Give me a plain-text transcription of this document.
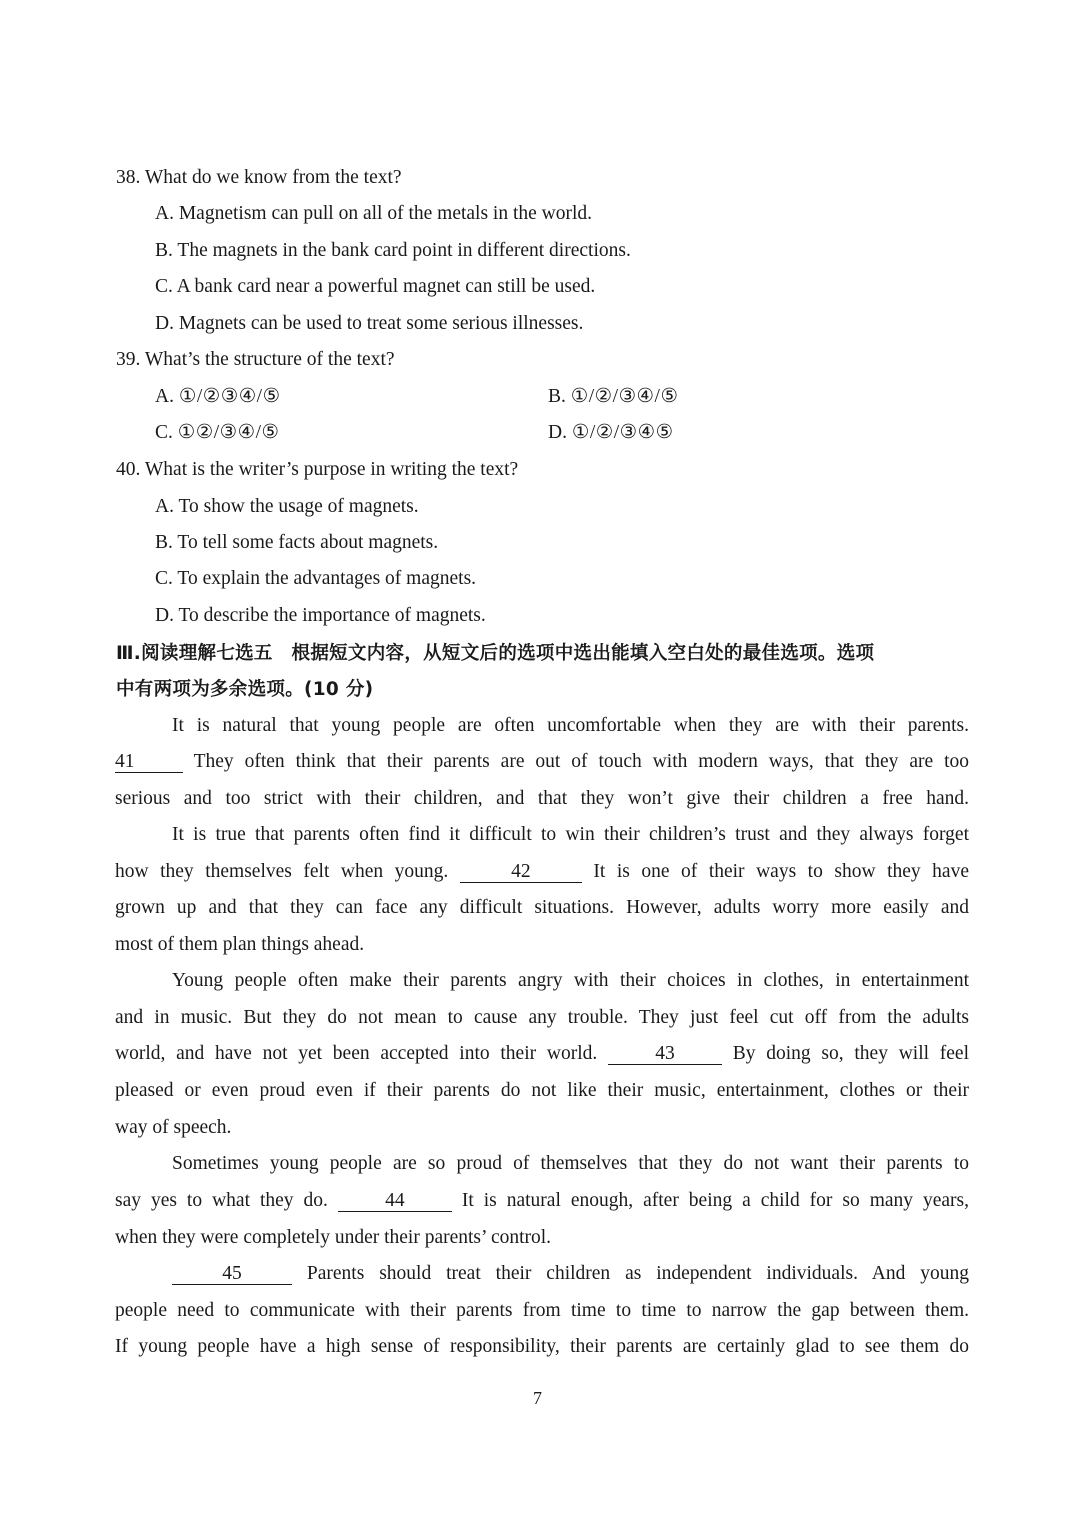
38. What do we know from the text?
A. Magnetism can pull on all of the metals in the world.
B. The magnets in the bank card point in different directions.
C. A bank card near a powerful magnet can still be used.
D. Magnets can be used to treat some serious illnesses.
39. What’s the structure of the text?
A. ①/②③④/⑤	B. ①/②/③④/⑤
C. ①②/③④/⑤	D. ①/②/③④⑤
40. What is the writer’s purpose in writing the text?
A. To show the usage of magnets.
B. To tell some facts about magnets.
C. To explain the advantages of magnets.
D. To describe the importance of magnets.
Ⅲ.阅读理解七选五　根据短文内容，从短文后的选项中选出能填入空白处的最佳选项。选项
中有两项为多余选项。(10 分)
It is natural that young people are often uncomfortable when they are with their parents.
41	They often think that their parents are out of touch with modern ways, that they are too
serious and too strict with their children, and that they won’t give their children a free hand.
It is true that parents often find it difficult to win their children’s trust and they always forget
how they themselves felt when young.	42	It is one of their ways to show they have
grown up and that they can face any difficult situations. However, adults worry more easily and
most of them plan things ahead.
Young people often make their parents angry with their choices in clothes, in entertainment
and in music. But they do not mean to cause any trouble. They just feel cut off from the adults
world, and have not yet been accepted into their world.	43	By doing so, they will feel
pleased or even proud even if their parents do not like their music, entertainment, clothes or their
way of speech.
Sometimes young people are so proud of themselves that they do not want their parents to
say yes to what they do.	44	It is natural enough, after being a child for so many years,
when they were completely under their parents’ control.
45	Parents should treat their children as independent individuals. And young
people need to communicate with their parents from time to time to narrow the gap between them.
If young people have a high sense of responsibility, their parents are certainly glad to see them do
7
